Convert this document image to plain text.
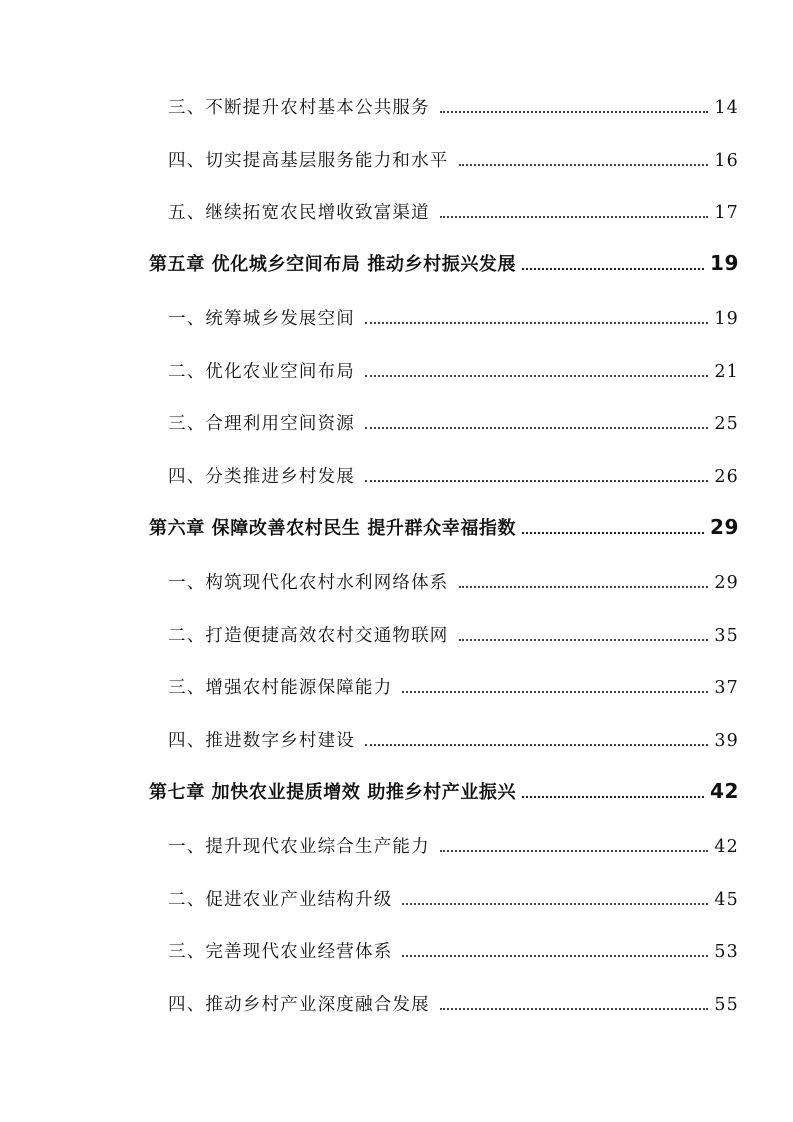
三、不断提升农村基本公共服务	14
四、切实提高基层服务能力和水平	16
五、继续拓宽农民增收致富渠道	17
第五章 优化城乡空间布局 推动乡村振兴发展	19
一、统筹城乡发展空间	19
二、优化农业空间布局	21
三、合理利用空间资源	25
四、分类推进乡村发展	26
第六章 保障改善农村民生 提升群众幸福指数	29
一、构筑现代化农村水利网络体系	29
二、打造便捷高效农村交通物联网	35
三、增强农村能源保障能力	37
四、推进数字乡村建设	39
第七章 加快农业提质增效 助推乡村产业振兴	42
一、提升现代农业综合生产能力	42
二、促进农业产业结构升级	45
三、完善现代农业经营体系	53
四、推动乡村产业深度融合发展	55
